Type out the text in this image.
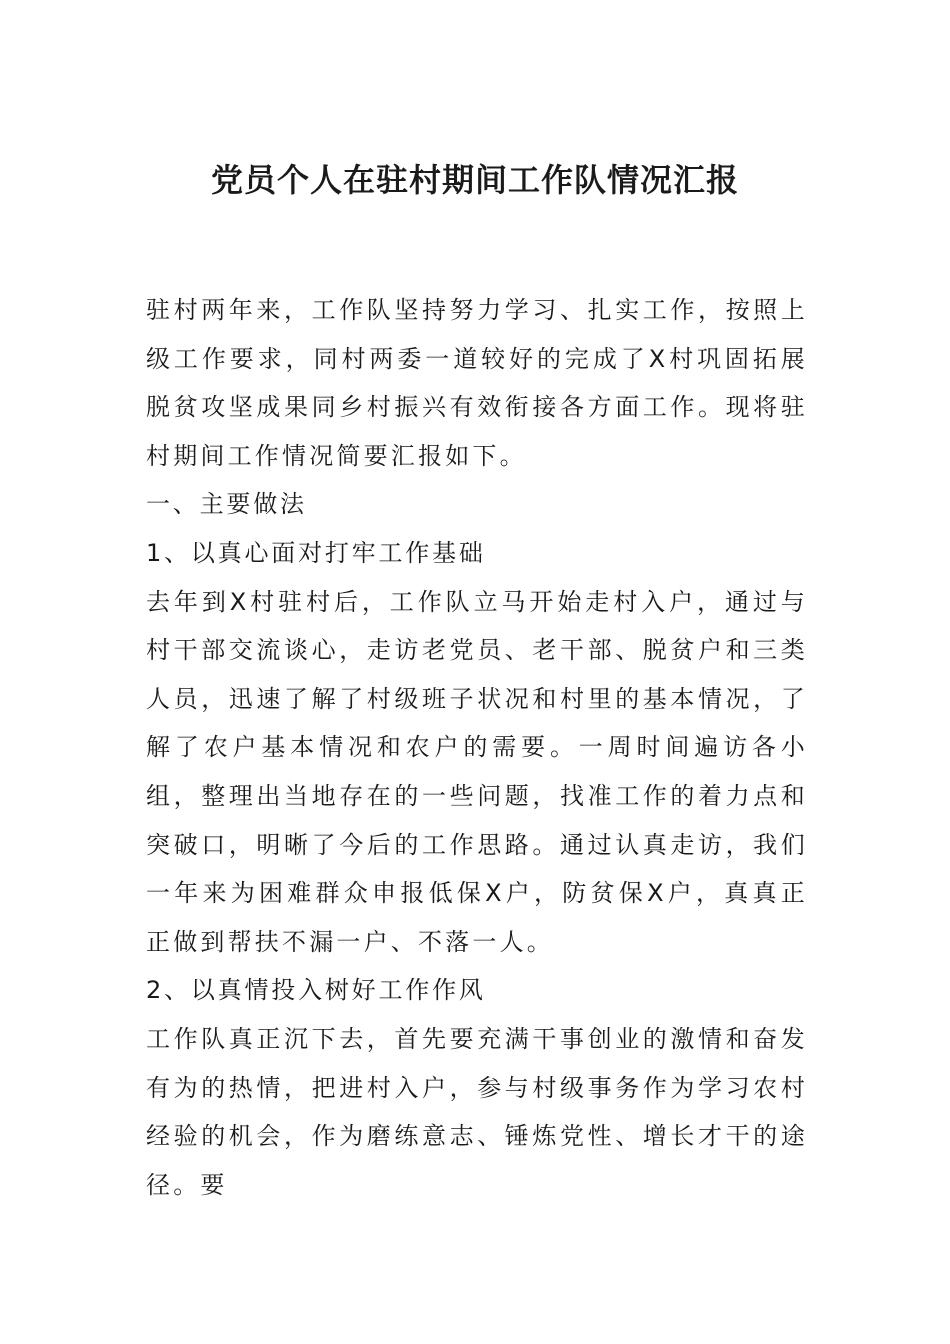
党员个人在驻村期间工作队情况汇报

驻村两年来，工作队坚持努力学习、扎实工作，按照上级工作要求，同村两委一道较好的完成了X村巩固拓展脱贫攻坚成果同乡村振兴有效衔接各方面工作。现将驻村期间工作情况简要汇报如下。

一、主要做法

1、以真心面对打牢工作基础

去年到X村驻村后，工作队立马开始走村入户，通过与村干部交流谈心，走访老党员、老干部、脱贫户和三类人员，迅速了解了村级班子状况和村里的基本情况，了解了农户基本情况和农户的需要。一周时间遍访各小组，整理出当地存在的一些问题，找准工作的着力点和突破口，明晰了今后的工作思路。通过认真走访，我们一年来为困难群众申报低保X户，防贫保X户，真真正正做到帮扶不漏一户、不落一人。

2、以真情投入树好工作作风

工作队真正沉下去，首先要充满干事创业的激情和奋发有为的热情，把进村入户，参与村级事务作为学习农村经验的机会，作为磨练意志、锤炼党性、增长才干的途径。要
